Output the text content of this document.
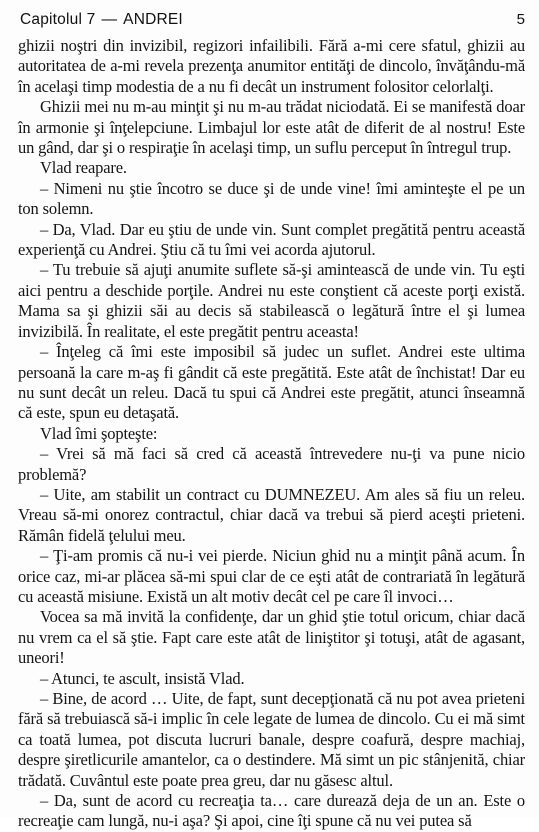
Capitolul 7 — ANDREI	5

ghizii noştri din invizibil, regizori infailibili. Fără a-mi cere sfatul, ghizii au autoritatea de a-mi revela prezenţa anumitor entităţi de dincolo, învăţându-mă în acelaşi timp modestia de a nu fi decât un instrument folositor celorlalţi.

Ghizii mei nu m-au minţit şi nu m-au trădat niciodată. Ei se manifestă doar în armonie şi înţelepciune. Limbajul lor este atât de diferit de al nostru! Este un gând, dar şi o respiraţie în acelaşi timp, un suflu perceput în întregul trup.

Vlad reapare.

– Nimeni nu ştie încotro se duce şi de unde vine! îmi aminteşte el pe un ton solemn.

– Da, Vlad. Dar eu ştiu de unde vin. Sunt complet pregătită pentru această experienţă cu Andrei. Ştiu că tu îmi vei acorda ajutorul.

– Tu trebuie să ajuţi anumite suflete să-şi amintească de unde vin. Tu eşti aici pentru a deschide porţile. Andrei nu este conştient că aceste porţi există. Mama sa şi ghizii săi au decis să stabilească o legătură între el şi lumea invizibilă. În realitate, el este pregătit pentru aceasta!

– Înţeleg că îmi este imposibil să judec un suflet. Andrei este ultima persoană la care m-aş fi gândit că este pregătită. Este atât de închistat! Dar eu nu sunt decât un releu. Dacă tu spui că Andrei este pregătit, atunci înseamnă că este, spun eu detaşată.

Vlad îmi şopteşte:

– Vrei să mă faci să cred că această întrevedere nu-ţi va pune nicio problemă?

– Uite, am stabilit un contract cu DUMNEZEU. Am ales să fiu un releu. Vreau să-mi onorez contractul, chiar dacă va trebui să pierd aceşti prieteni. Rămân fidelă ţelului meu.

– Ţi-am promis că nu-i vei pierde. Niciun ghid nu a minţit până acum. În orice caz, mi-ar plăcea să-mi spui clar de ce eşti atât de contrariată în legătură cu această misiune. Există un alt motiv decât cel pe care îl invoci…

Vocea sa mă invită la confidenţe, dar un ghid ştie totul oricum, chiar dacă nu vrem ca el să ştie. Fapt care este atât de liniştitor şi totuşi, atât de agasant, uneori!

– Atunci, te ascult, insistă Vlad.

– Bine, de acord … Uite, de fapt, sunt decepţionată că nu pot avea prieteni fără să trebuiască să-i implic în cele legate de lumea de dincolo. Cu ei mă simt ca toată lumea, pot discuta lucruri banale, despre coafură, despre machiaj, despre şiretlicurile amantelor, ca o destindere. Mă simt un pic stânjenită, chiar trădată. Cuvântul este poate prea greu, dar nu găsesc altul.

– Da, sunt de acord cu recreaţia ta… care durează deja de un an. Este o recreaţie cam lungă, nu-i aşa? Şi apoi, cine îţi spune că nu vei putea să
